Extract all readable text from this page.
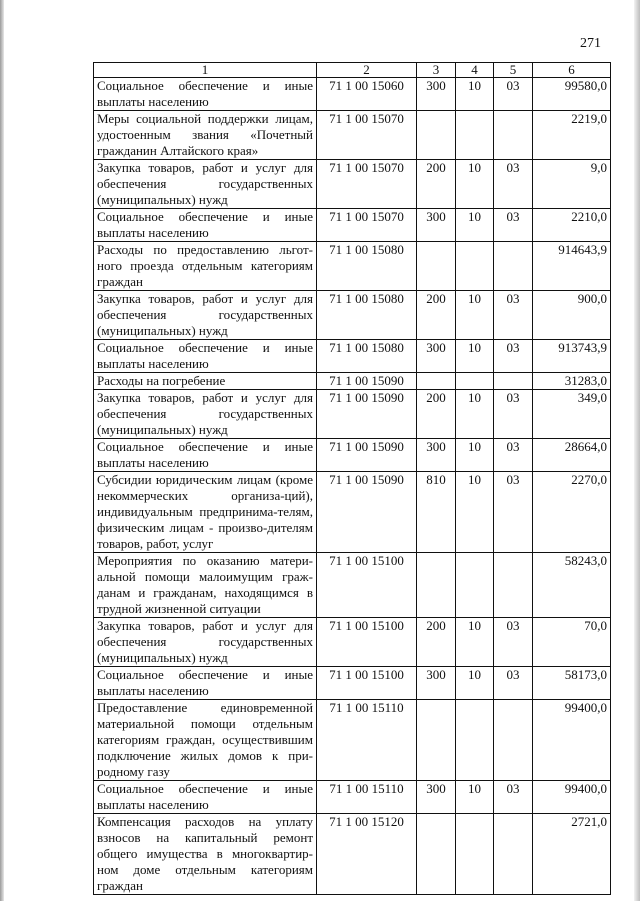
271
1	2	3	4	5	6
Социальное обеспечение и иные выплаты населению	71 1 00 15060	300	10	03	99580,0
Меры социальной поддержки лицам, удостоенным звания «Почетный гражданин Алтайского края»	71 1 00 15070				2219,0
Закупка товаров, работ и услуг для обеспечения государственных (муниципальных) нужд	71 1 00 15070	200	10	03	9,0
Социальное обеспечение и иные выплаты населению	71 1 00 15070	300	10	03	2210,0
Расходы по предоставлению льгот-ного проезда отдельным категориям граждан	71 1 00 15080				914643,9
Закупка товаров, работ и услуг для обеспечения государственных (муниципальных) нужд	71 1 00 15080	200	10	03	900,0
Социальное обеспечение и иные выплаты населению	71 1 00 15080	300	10	03	913743,9
Расходы на погребение	71 1 00 15090				31283,0
Закупка товаров, работ и услуг для обеспечения государственных (муниципальных) нужд	71 1 00 15090	200	10	03	349,0
Социальное обеспечение и иные выплаты населению	71 1 00 15090	300	10	03	28664,0
Субсидии юридическим лицам (кроме некоммерческих организа-ций), индивидуальным предпринима-телям, физическим лицам - произво-дителям товаров, работ, услуг	71 1 00 15090	810	10	03	2270,0
Мероприятия по оказанию матери-альной помощи малоимущим граж-данам и гражданам, находящимся в трудной жизненной ситуации	71 1 00 15100				58243,0
Закупка товаров, работ и услуг для обеспечения государственных (муниципальных) нужд	71 1 00 15100	200	10	03	70,0
Социальное обеспечение и иные выплаты населению	71 1 00 15100	300	10	03	58173,0
Предоставление единовременной материальной помощи отдельным категориям граждан, осуществившим подключение жилых домов к при-родному газу	71 1 00 15110				99400,0
Социальное обеспечение и иные выплаты населению	71 1 00 15110	300	10	03	99400,0
Компенсация расходов на уплату взносов на капитальный ремонт общего имущества в многоквартир-ном доме отдельным категориям граждан	71 1 00 15120				2721,0
